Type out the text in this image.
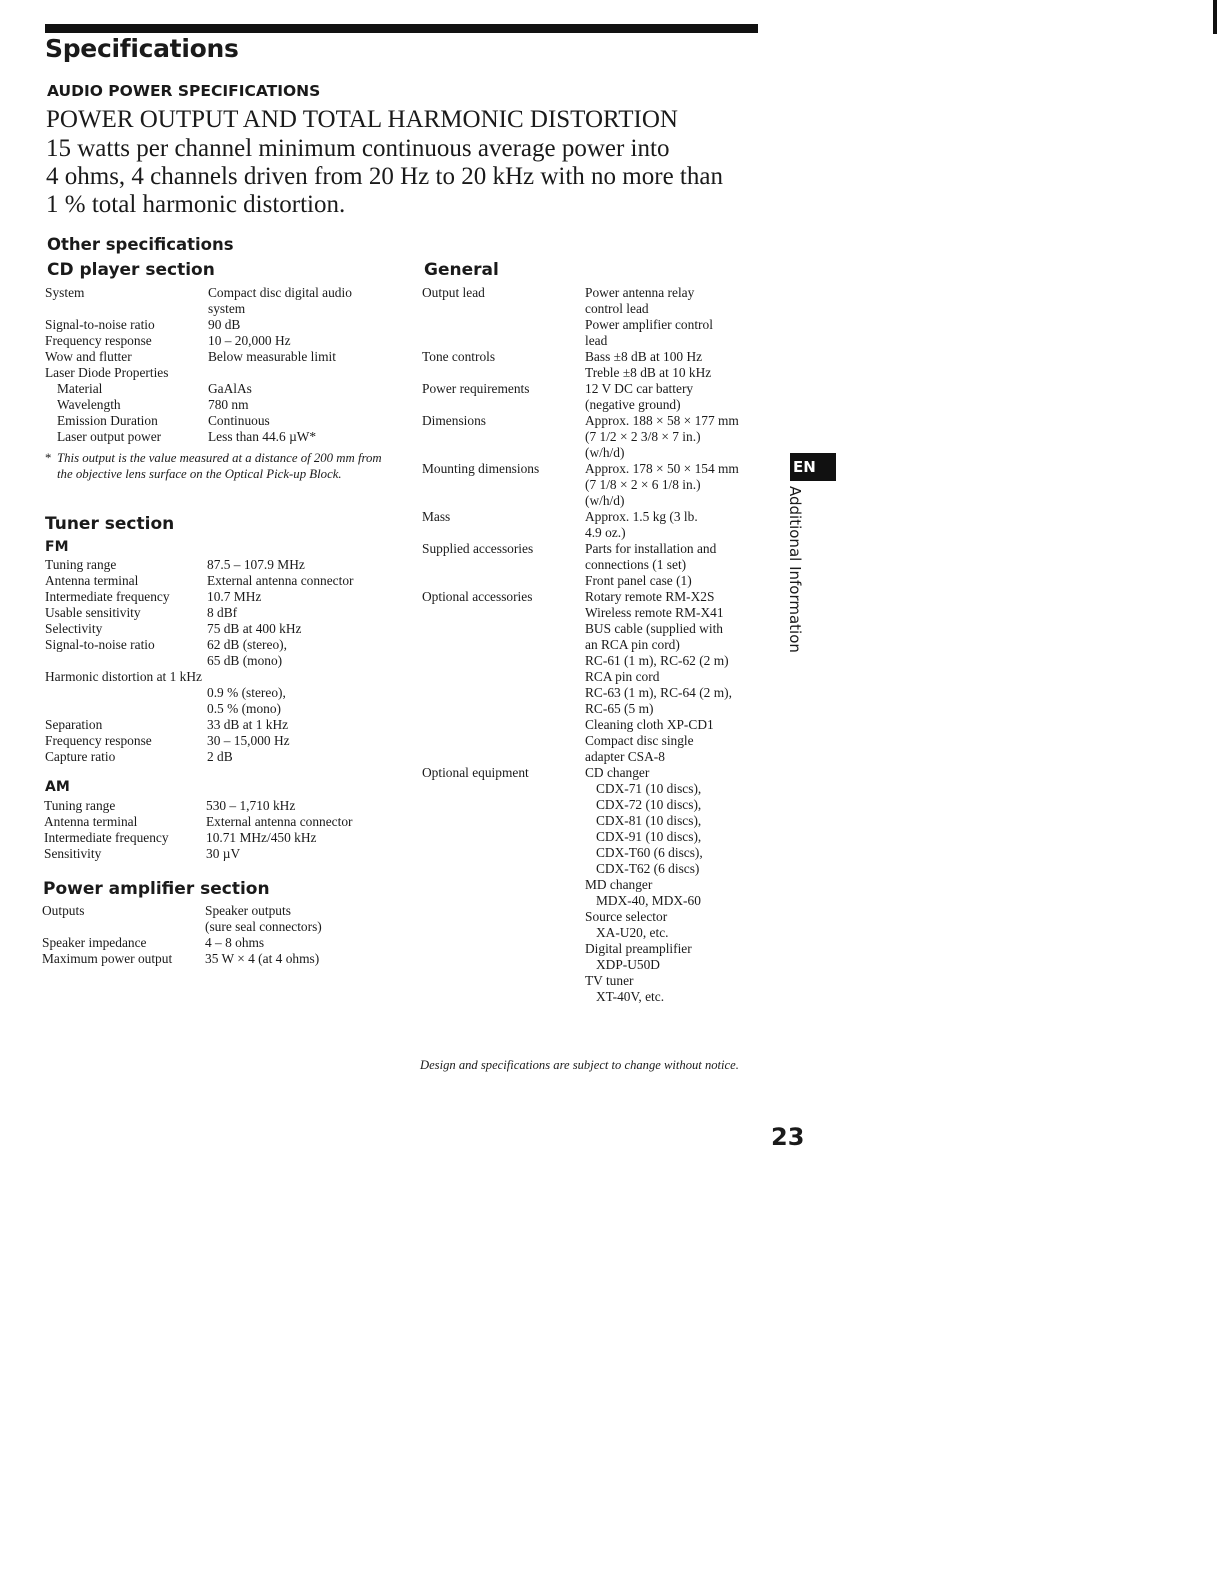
Specifications
AUDIO POWER SPECIFICATIONS
POWER OUTPUT AND TOTAL HARMONIC DISTORTION
15 watts per channel minimum continuous average power into
4 ohms, 4 channels driven from 20 Hz to 20 kHz with no more than
1 % total harmonic distortion.
Other specifications
CD player section
System	Compact disc digital audio
system
Signal-to-noise ratio	90 dB
Frequency response	10 – 20,000 Hz
Wow and flutter	Below measurable limit
Laser Diode Properties
Material	GaAlAs
Wavelength	780 nm
Emission Duration	Continuous
Laser output power	Less than 44.6 µW*
* This output is the value measured at a distance of 200 mm from the objective lens surface on the Optical Pick-up Block.
Tuner section
FM
Tuning range	87.5 – 107.9 MHz
Antenna terminal	External antenna connector
Intermediate frequency	10.7 MHz
Usable sensitivity	8 dBf
Selectivity	75 dB at 400 kHz
Signal-to-noise ratio	62 dB (stereo),
65 dB (mono)
Harmonic distortion at 1 kHz
0.9 % (stereo),
0.5 % (mono)
Separation	33 dB at 1 kHz
Frequency response	30 – 15,000 Hz
Capture ratio	2 dB
AM
Tuning range	530 – 1,710 kHz
Antenna terminal	External antenna connector
Intermediate frequency	10.71 MHz/450 kHz
Sensitivity	30 µV
Power amplifier section
Outputs	Speaker outputs
(sure seal connectors)
Speaker impedance	4 – 8 ohms
Maximum power output 35 W × 4 (at 4 ohms)
General
Output lead	Power antenna relay
control lead
Power amplifier control
lead
Tone controls	Bass ±8 dB at 100 Hz
Treble ±8 dB at 10 kHz
Power requirements	12 V DC car battery
(negative ground)
Dimensions	Approx. 188 × 58 × 177 mm
(7 1/2 × 2 3/8 × 7 in.)
(w/h/d)
Mounting dimensions	Approx. 178 × 50 × 154 mm
(7 1/8 × 2 × 6 1/8 in.)
(w/h/d)
Mass	Approx. 1.5 kg (3 lb.
4.9 oz.)
Supplied accessories	Parts for installation and
connections (1 set)
Front panel case (1)
Optional accessories	Rotary remote RM-X2S
Wireless remote RM-X41
BUS cable (supplied with
an RCA pin cord)
RC-61 (1 m), RC-62 (2 m)
RCA pin cord
RC-63 (1 m), RC-64 (2 m),
RC-65 (5 m)
Cleaning cloth XP-CD1
Compact disc single
adapter CSA-8
Optional equipment	CD changer
CDX-71 (10 discs),
CDX-72 (10 discs),
CDX-81 (10 discs),
CDX-91 (10 discs),
CDX-T60 (6 discs),
CDX-T62 (6 discs)
MD changer
MDX-40, MDX-60
Source selector
XA-U20, etc.
Digital preamplifier
XDP-U50D
TV tuner
XT-40V, etc.
Design and specifications are subject to change without notice.
23
EN
Additional Information
